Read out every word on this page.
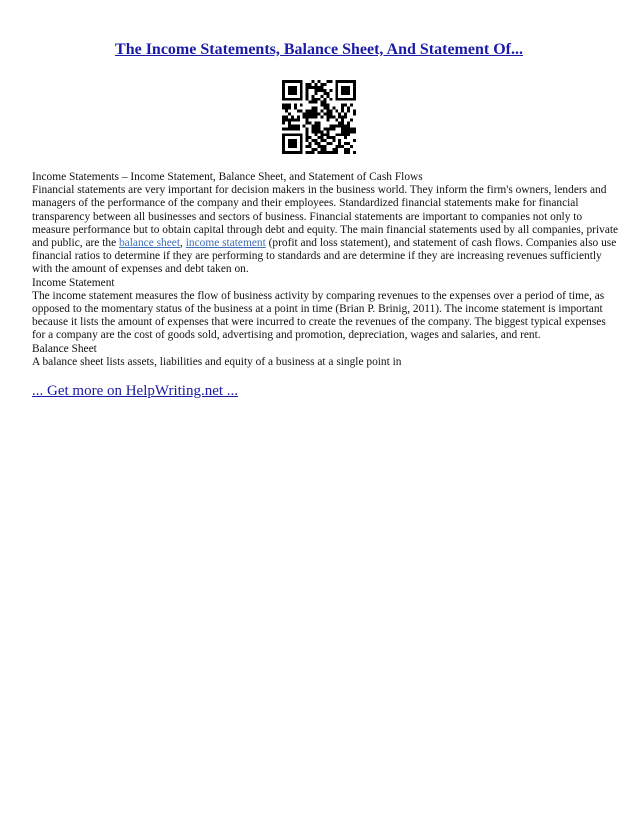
The Income Statements, Balance Sheet, And Statement Of...
Income Statements – Income Statement, Balance Sheet, and Statement of Cash Flows
Financial statements are very important for decision makers in the business world. They inform the firm's owners, lenders and
managers of the performance of the company and their employees. Standardized financial statements make for financial
transparency between all businesses and sectors of business. Financial statements are important to companies not only to
measure performance but to obtain capital through debt and equity. The main financial statements used by all companies, private
and public, are the balance sheet, income statement (profit and loss statement), and statement of cash flows. Companies also use
financial ratios to determine if they are performing to standards and are determine if they are increasing revenues sufficiently
with the amount of expenses and debt taken on.
Income Statement
The income statement measures the flow of business activity by comparing revenues to the expenses over a period of time, as
opposed to the momentary status of the business at a point in time (Brian P. Brinig, 2011). The income statement is important
because it lists the amount of expenses that were incurred to create the revenues of the company. The biggest typical expenses
for a company are the cost of goods sold, advertising and promotion, depreciation, wages and salaries, and rent.
Balance Sheet
A balance sheet lists assets, liabilities and equity of a business at a single point in
... Get more on HelpWriting.net ...
